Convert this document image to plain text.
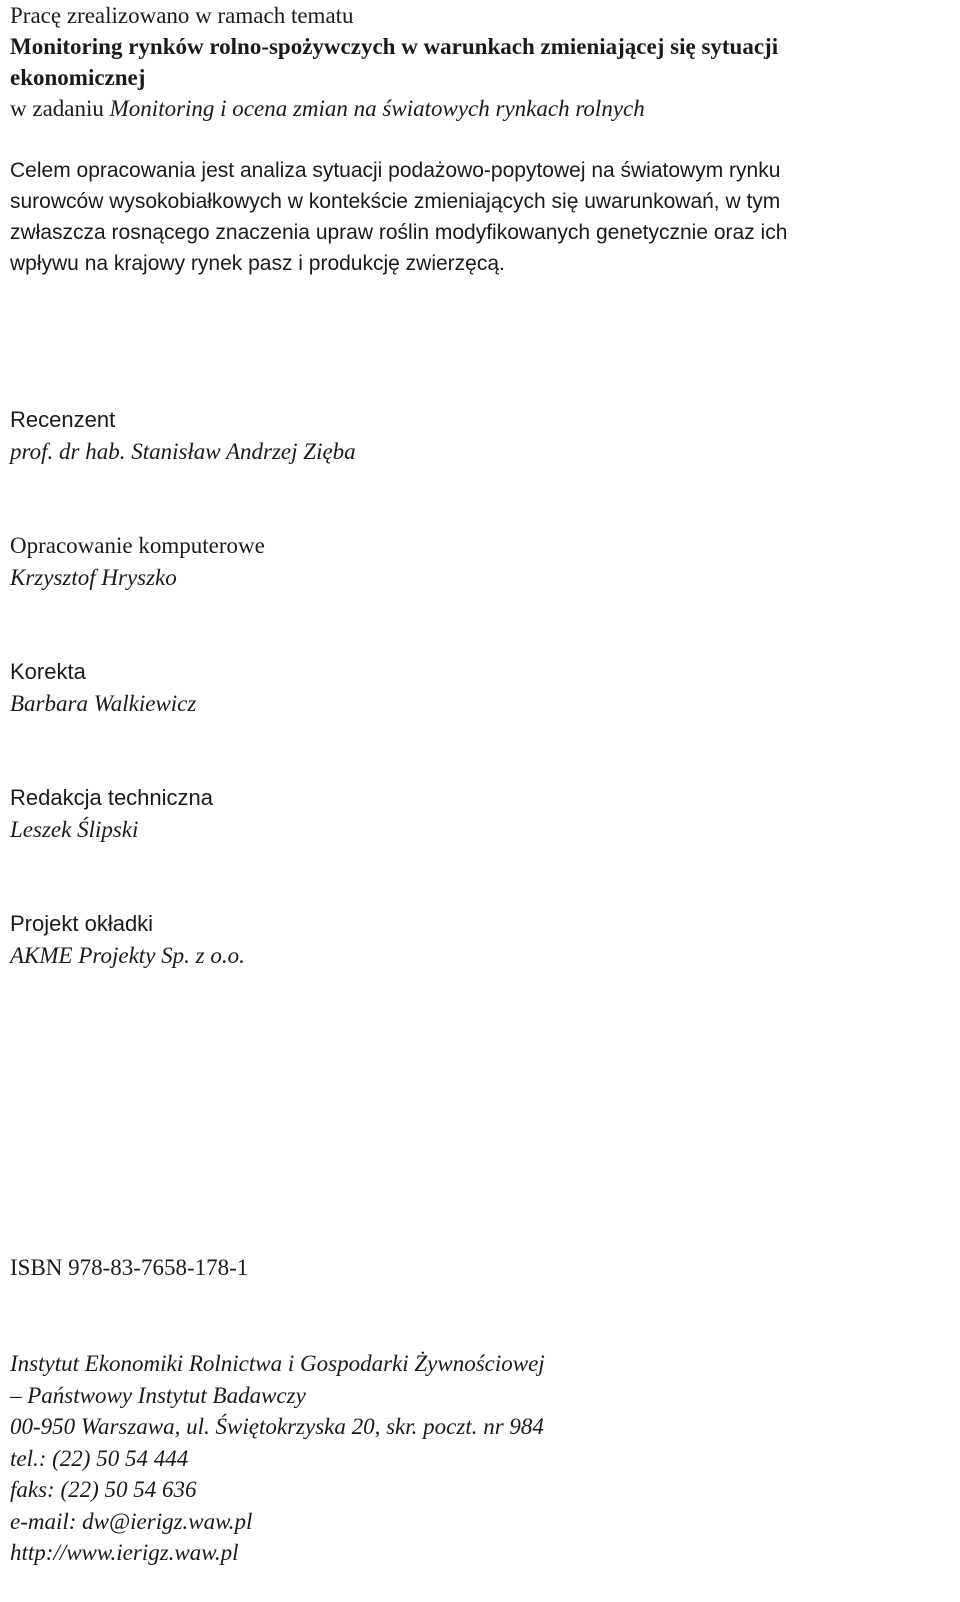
Pracę zrealizowano w ramach tematu
Monitoring rynków rolno-spożywczych w warunkach zmieniającej się sytuacji
ekonomicznej
w zadaniu Monitoring i ocena zmian na światowych rynkach rolnych
Celem opracowania jest analiza sytuacji podażowo-popytowej na światowym rynku
surowców wysokobiałkowych w kontekście zmieniających się uwarunkowań, w tym
zwłaszcza rosnącego znaczenia upraw roślin modyfikowanych genetycznie oraz ich
wpływu na krajowy rynek pasz i produkcję zwierzęcą.
Recenzent
prof. dr hab. Stanisław Andrzej Zięba
Opracowanie komputerowe
Krzysztof Hryszko
Korekta
Barbara Walkiewicz
Redakcja techniczna
Leszek Ślipski
Projekt okładki
AKME Projekty Sp. z o.o.
ISBN 978-83-7658-178-1
Instytut Ekonomiki Rolnictwa i Gospodarki Żywnościowej
– Państwowy Instytut Badawczy
00-950 Warszawa, ul. Świętokrzyska 20, skr. poczt. nr 984
tel.: (22) 50 54 444
faks: (22) 50 54 636
e-mail: dw@ierigz.waw.pl
http://www.ierigz.waw.pl
